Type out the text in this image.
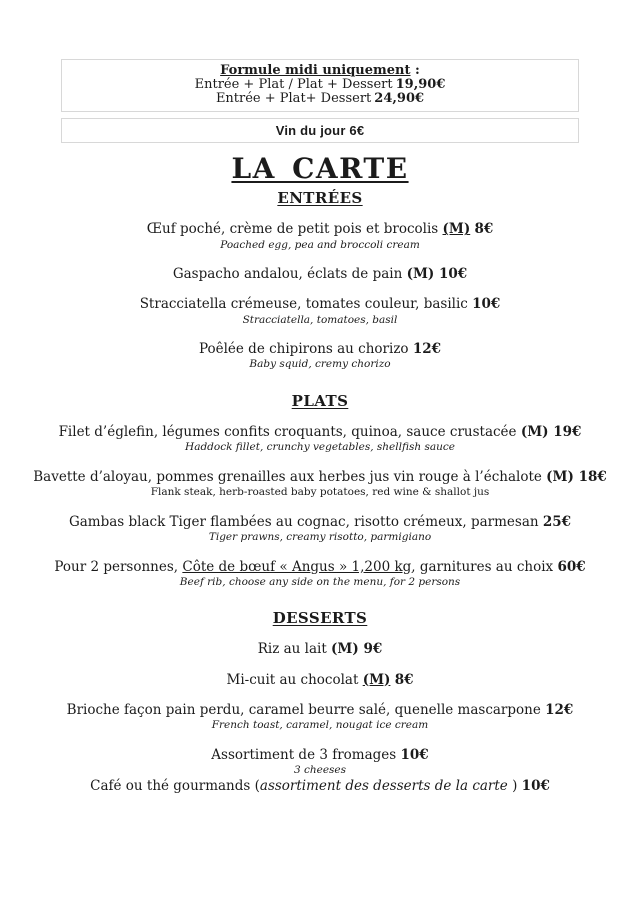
Formule midi uniquement :
Entrée + Plat / Plat + Dessert 19,90€
Entrée + Plat+ Dessert 24,90€
Vin du jour 6€
LA CARTE
ENTRÉES
Œuf poché, crème de petit pois et brocolis (M) 8€
Poached egg, pea and broccoli cream
Gaspacho andalou, éclats de pain (M) 10€
Stracciatella crémeuse, tomates couleur, basilic 10€
Stracciatella, tomatoes, basil
Poêlée de chipirons au chorizo 12€
Baby squid, cremy chorizo
PLATS
Filet d’églefin, légumes confits croquants, quinoa, sauce crustacée (M) 19€
Haddock fillet, crunchy vegetables, shellfish sauce
Bavette d’aloyau, pommes grenailles aux herbes jus vin rouge à l’échalote (M) 18€
Flank steak, herb-roasted baby potatoes, red wine & shallot jus
Gambas black Tiger flambées au cognac, risotto crémeux, parmesan 25€
Tiger prawns, creamy risotto, parmigiano
Pour 2 personnes, Côte de bœuf « Angus » 1,200 kg, garnitures au choix 60€
Beef rib, choose any side on the menu, for 2 persons
DESSERTS
Riz au lait (M) 9€
Mi-cuit au chocolat (M) 8€
Brioche façon pain perdu, caramel beurre salé, quenelle mascarpone 12€
French toast, caramel, nougat ice cream
Assortiment de 3 fromages 10€
3 cheeses
Café ou thé gourmands (assortiment des desserts de la carte ) 10€
